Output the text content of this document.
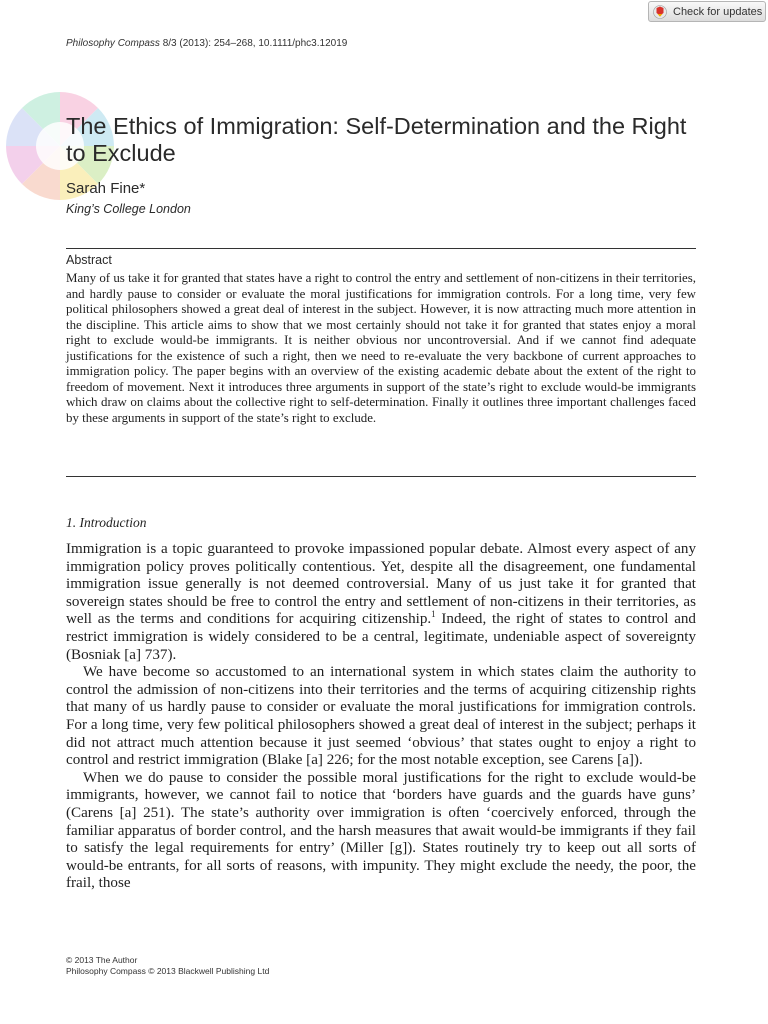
Check for updates
Philosophy Compass 8/3 (2013): 254–268, 10.1111/phc3.12019
The Ethics of Immigration: Self-Determination and the Right to Exclude
Sarah Fine*
King’s College London
Abstract

Many of us take it for granted that states have a right to control the entry and settlement of non-citizens in their territories, and hardly pause to consider or evaluate the moral justifications for immigration controls. For a long time, very few political philosophers showed a great deal of interest in the subject. However, it is now attracting much more attention in the discipline. This article aims to show that we most certainly should not take it for granted that states enjoy a moral right to exclude would-be immigrants. It is neither obvious nor uncontroversial. And if we cannot find adequate justifications for the existence of such a right, then we need to re-evaluate the very backbone of current approaches to immigration policy. The paper begins with an overview of the existing academic debate about the extent of the right to freedom of movement. Next it introduces three arguments in support of the state’s right to exclude would-be immigrants which draw on claims about the collective right to self-determination. Finally it outlines three important challenges faced by these arguments in support of the state’s right to exclude.

1. Introduction

Immigration is a topic guaranteed to provoke impassioned popular debate. Almost every aspect of any immigration policy proves politically contentious. Yet, despite all the disagreement, one fundamental immigration issue generally is not deemed controversial. Many of us just take it for granted that sovereign states should be free to control the entry and settlement of non-citizens in their territories, as well as the terms and conditions for acquiring citizenship.$^1$ Indeed, the right of states to control and restrict immigration is widely considered to be a central, legitimate, undeniable aspect of sovereignty (Bosniak [a] 737).

We have become so accustomed to an international system in which states claim the authority to control the admission of non-citizens into their territories and the terms of acquiring citizenship rights that many of us hardly pause to consider or evaluate the moral justifications for immigration controls. For a long time, very few political philosophers showed a great deal of interest in the subject; perhaps it did not attract much attention because it just seemed ‘obvious’ that states ought to enjoy a right to control and restrict immigration (Blake [a] 226; for the most notable exception, see Carens [a]).

When we do pause to consider the possible moral justifications for the right to exclude would-be immigrants, however, we cannot fail to notice that ‘borders have guards and the guards have guns’ (Carens [a] 251). The state’s authority over immigration is often ‘coercively enforced, through the familiar apparatus of border control, and the harsh measures that await would-be immigrants if they fail to satisfy the legal requirements for entry’ (Miller [g]). States routinely try to keep out all sorts of would-be entrants, for all sorts of reasons, with impunity. They might exclude the needy, the poor, the frail, those

© 2013 The Author
Philosophy Compass © 2013 Blackwell Publishing Ltd
